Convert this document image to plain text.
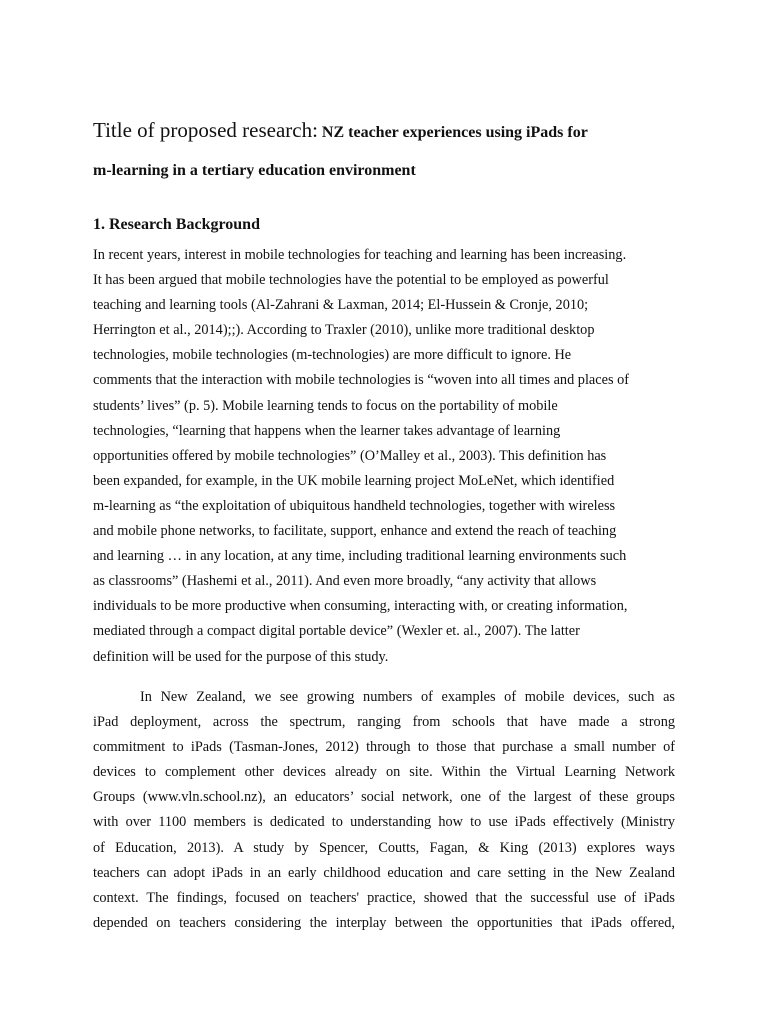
Title of proposed research: NZ teacher experiences using iPads for
m-learning in a tertiary education environment
1. Research Background
In recent years, interest in mobile technologies for teaching and learning has been increasing.
It has been argued that mobile technologies have the potential to be employed as powerful
teaching and learning tools (Al-Zahrani & Laxman, 2014; El-Hussein & Cronje, 2010;
Herrington et al., 2014);;). According to Traxler (2010), unlike more traditional desktop
technologies, mobile technologies (m-technologies) are more difficult to ignore. He
comments that the interaction with mobile technologies is “woven into all times and places of
students’ lives” (p. 5). Mobile learning tends to focus on the portability of mobile
technologies, “learning that happens when the learner takes advantage of learning
opportunities offered by mobile technologies” (O’Malley et al., 2003). This definition has
been expanded, for example, in the UK mobile learning project MoLeNet, which identified
m-learning as “the exploitation of ubiquitous handheld technologies, together with wireless
and mobile phone networks, to facilitate, support, enhance and extend the reach of teaching
and learning … in any location, at any time, including traditional learning environments such
as classrooms” (Hashemi et al., 2011). And even more broadly, “any activity that allows
individuals to be more productive when consuming, interacting with, or creating information,
mediated through a compact digital portable device” (Wexler et. al., 2007). The latter
definition will be used for the purpose of this study.
In New Zealand, we see growing numbers of examples of mobile devices, such as
iPad deployment, across the spectrum, ranging from schools that have made a strong
commitment to iPads (Tasman-Jones, 2012) through to those that purchase a small number of
devices to complement other devices already on site. Within the Virtual Learning Network
Groups (www.vln.school.nz), an educators’ social network, one of the largest of these groups
with over 1100 members is dedicated to understanding how to use iPads effectively (Ministry
of Education, 2013). A study by Spencer, Coutts, Fagan, & King (2013) explores ways
teachers can adopt iPads in an early childhood education and care setting in the New Zealand
context. The findings, focused on teachers' practice, showed that the successful use of iPads
depended on teachers considering the interplay between the opportunities that iPads offered,
